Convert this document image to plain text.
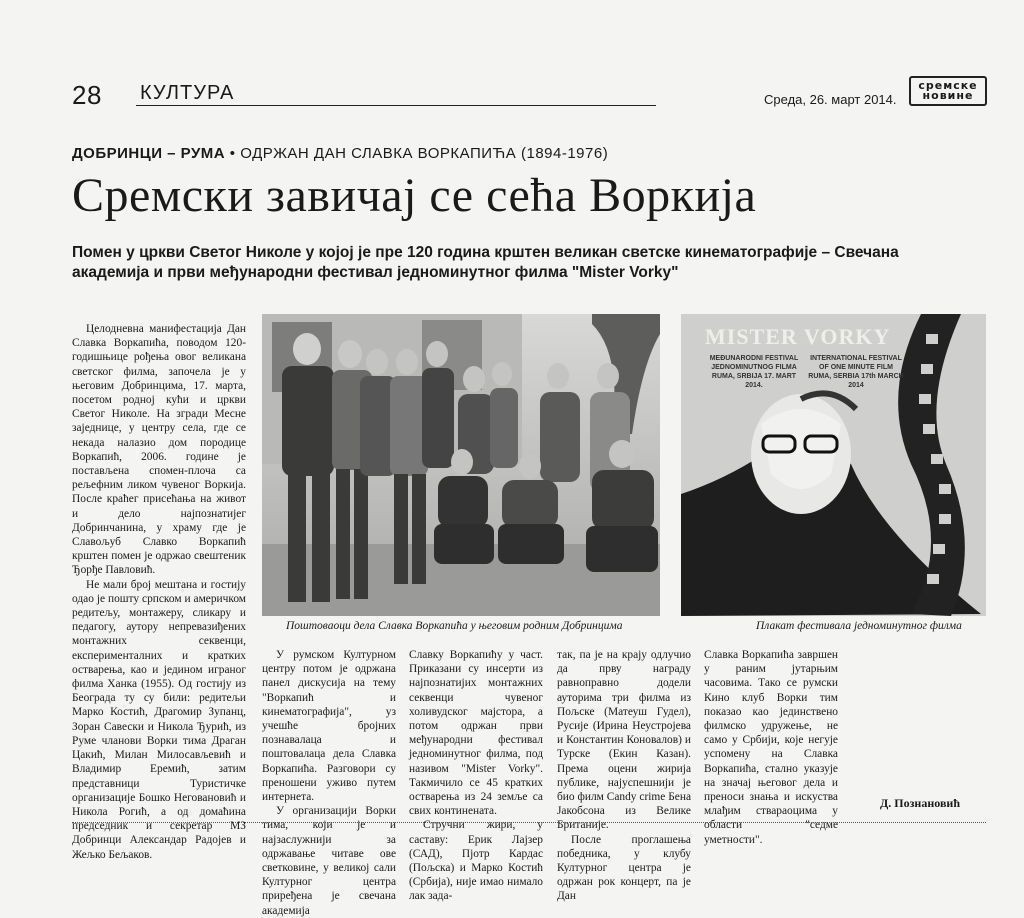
28 КУЛТУРА	Среда, 26. март 2014.
сремске
новине
ДОБРИНЦИ – РУМА • ОДРЖАН ДАН СЛАВКА ВОРКАПИЋА (1894-1976)
Сремски завичај се сећа Воркија
Помен у цркви Светог Николе у којој је пре 120 година крштен великан светске кинематографије – Свечана академија и први међународни фестивал једноминутног филма "Mister Vorky"

Целодневна манифестација Дан Славка Воркапића, поводом 120-годишњице рођења овог великана светског филма, започела је у његовим Добринцима, 17. марта, посетом родној кући и цркви Светог Николе. На згради Месне заједнице, у центру села, где се некада налазио дом породице Воркапић, 2006. године је постављена спомен-плоча са рељефним ликом чувеног Воркија. После краћег присећања на живот и дело најпознатијег Добринчанина, у храму где је Славољуб Славко Воркапић крштен помен је одржао свештеник Ђорђе Павловић.

Не мали број мештана и гостију одао је пошту српском и америчком редитељу, монтажеру, сликару и педагогу, аутору непревазиђених монтажних секвенци, експерименталних и кратких остварења, као и једином играног филма Ханка (1955). Од гостију из Београда ту су били: редитељи Марко Костић, Драгомир Зупанц, Зоран Савески и Никола Ђурић, из Румe чланови Ворки тима Драган Цакић, Милан Милосављевић и Владимир Еремић, затим представници Туристичке организације Бошко Неговановић и Никола Рогић, а од домаћина председник и секретар МЗ Добринци Александар Радојев и Жељко Бељаков.

Поштоваоци дела Славка Воркапића у његовим родним Добринцима
MISTER VORKY
MEĐUNARODNI FESTIVAL JEDNOMINUTNOG FILMA RUMA, SRBIJA 17. MART 2014.
INTERNATIONAL FESTIVAL OF ONE MINUTE FILM RUMA, SERBIA 17th MARCH 2014
Плакат фестивала једноминутног филма

У румском Културном центру потом је одржана панел дискусија на тему "Воркапић и кинематографија", уз учешће бројних познавалаца и поштовалаца дела Славка Воркапића. Разговори су преношени уживо путем интернета.

У организацији Ворки тима, који је и најзаслужнији за одржавање читаве ове светковине, у великој сали Културног центра приређена је свечана академија

Славку Воркапићу у част. Приказани су инсерти из најпознатијих монтажних секвенци чувеног холивудског мајстора, а потом одржан први међународни фестивал једноминутног филма, под називом "Mister Vorky". Такмичило се 45 кратких остварења из 24 земље са свих континената.

Стручни жири, у саставу: Ерик Лајзер (САД), Пјотр Кардас (Пољска) и Марко Костић (Србија), није имао нимало лак зада-

так, па је на крају одлучио да прву награду равноправно додели ауторима три филма из Пољске (Матеуш Гудел), Русије (Ирина Неустројева и Константин Коновалов) и Турске (Екин Казан). Према оцени жирија публике, најуспешнији је био филм Candy crime Бена Јакобсона из Велике Британије.

После проглашења победника, у клубу Културног центра је одржан рок концерт, па је Дан

Славка Воркапића завршен у раним јутарњим часовима. Тако се румски Кино клуб Ворки тим показао као јединствено филмско удружење, не само у Србији, које негује успомену на Славка Воркапића, стално указује на значај његовог дела и преноси знања и искуства млађим ствараоцима у области "седме уметности".

Д. Познановић
